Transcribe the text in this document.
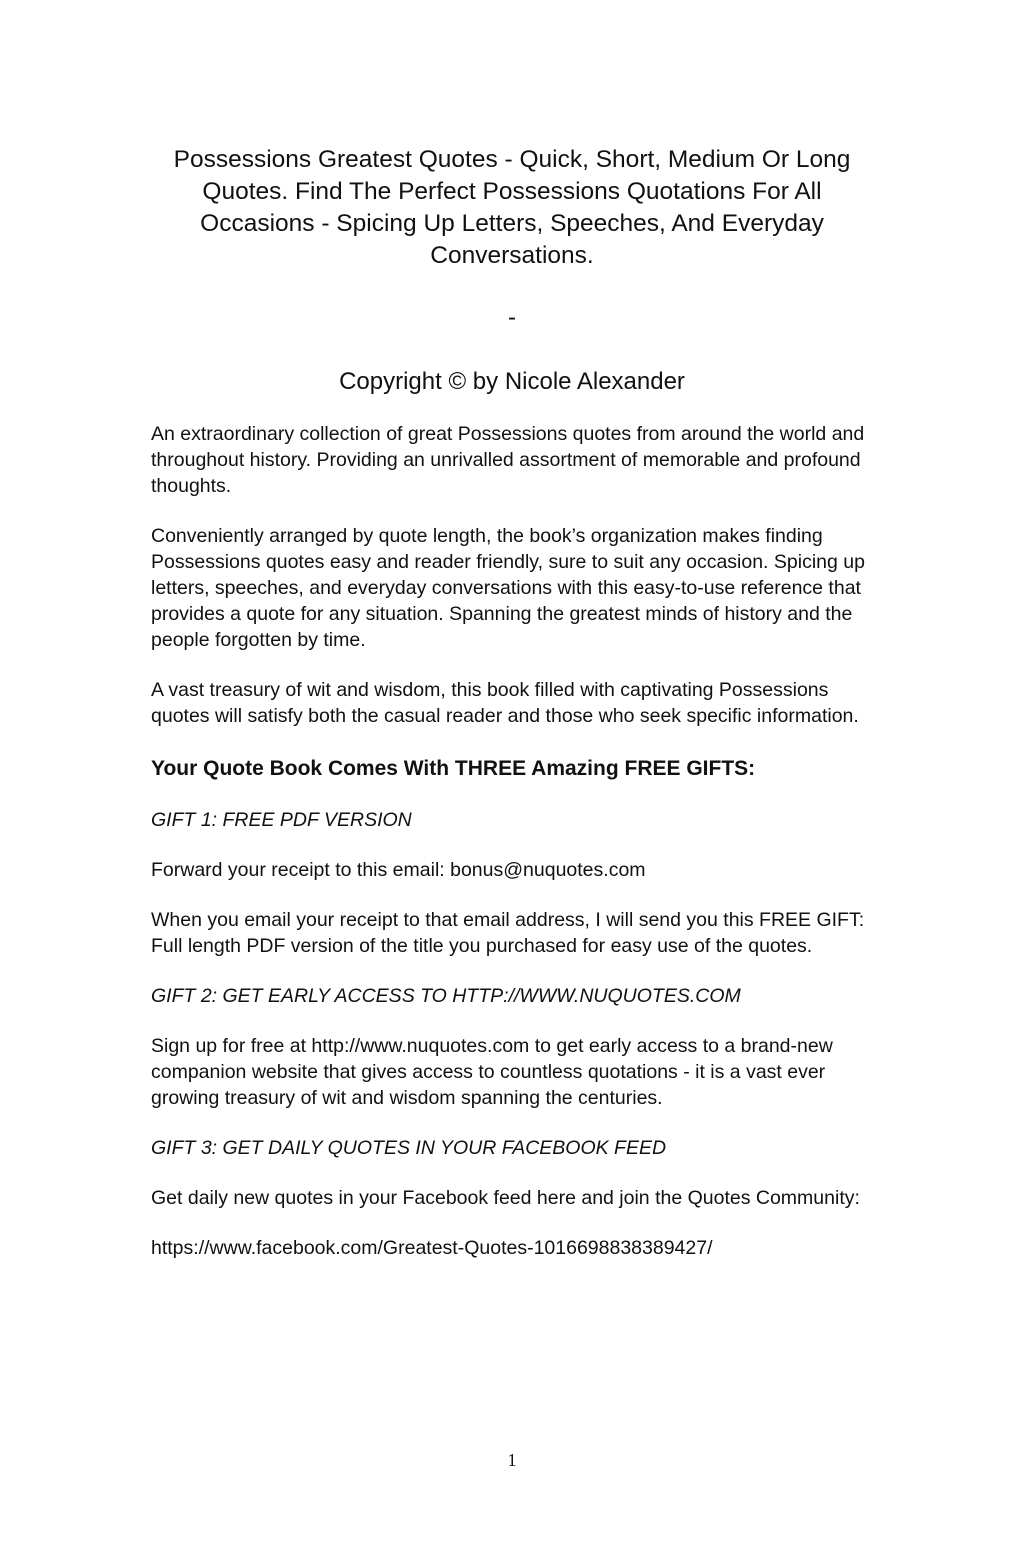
Possessions Greatest Quotes - Quick, Short, Medium Or Long Quotes. Find The Perfect Possessions Quotations For All Occasions - Spicing Up Letters, Speeches, And Everyday Conversations.

-

Copyright © by Nicole Alexander

An extraordinary collection of great Possessions quotes from around the world and throughout history. Providing an unrivalled assortment of memorable and profound thoughts.

Conveniently arranged by quote length, the book’s organization makes finding Possessions quotes easy and reader friendly, sure to suit any occasion. Spicing up letters, speeches, and everyday conversations with this easy-to-use reference that provides a quote for any situation. Spanning the greatest minds of history and the people forgotten by time.

A vast treasury of wit and wisdom, this book filled with captivating Possessions quotes will satisfy both the casual reader and those who seek specific information.

Your Quote Book Comes With THREE Amazing FREE GIFTS:

GIFT 1: FREE PDF VERSION

Forward your receipt to this email: bonus@nuquotes.com

When you email your receipt to that email address, I will send you this FREE GIFT: Full length PDF version of the title you purchased for easy use of the quotes.

GIFT 2: GET EARLY ACCESS TO HTTP://WWW.NUQUOTES.COM

Sign up for free at http://www.nuquotes.com to get early access to a brand-new companion website that gives access to countless quotations - it is a vast ever growing treasury of wit and wisdom spanning the centuries.

GIFT 3: GET DAILY QUOTES IN YOUR FACEBOOK FEED

Get daily new quotes in your Facebook feed here and join the Quotes Community:

https://www.facebook.com/Greatest-Quotes-1016698838389427/

1
